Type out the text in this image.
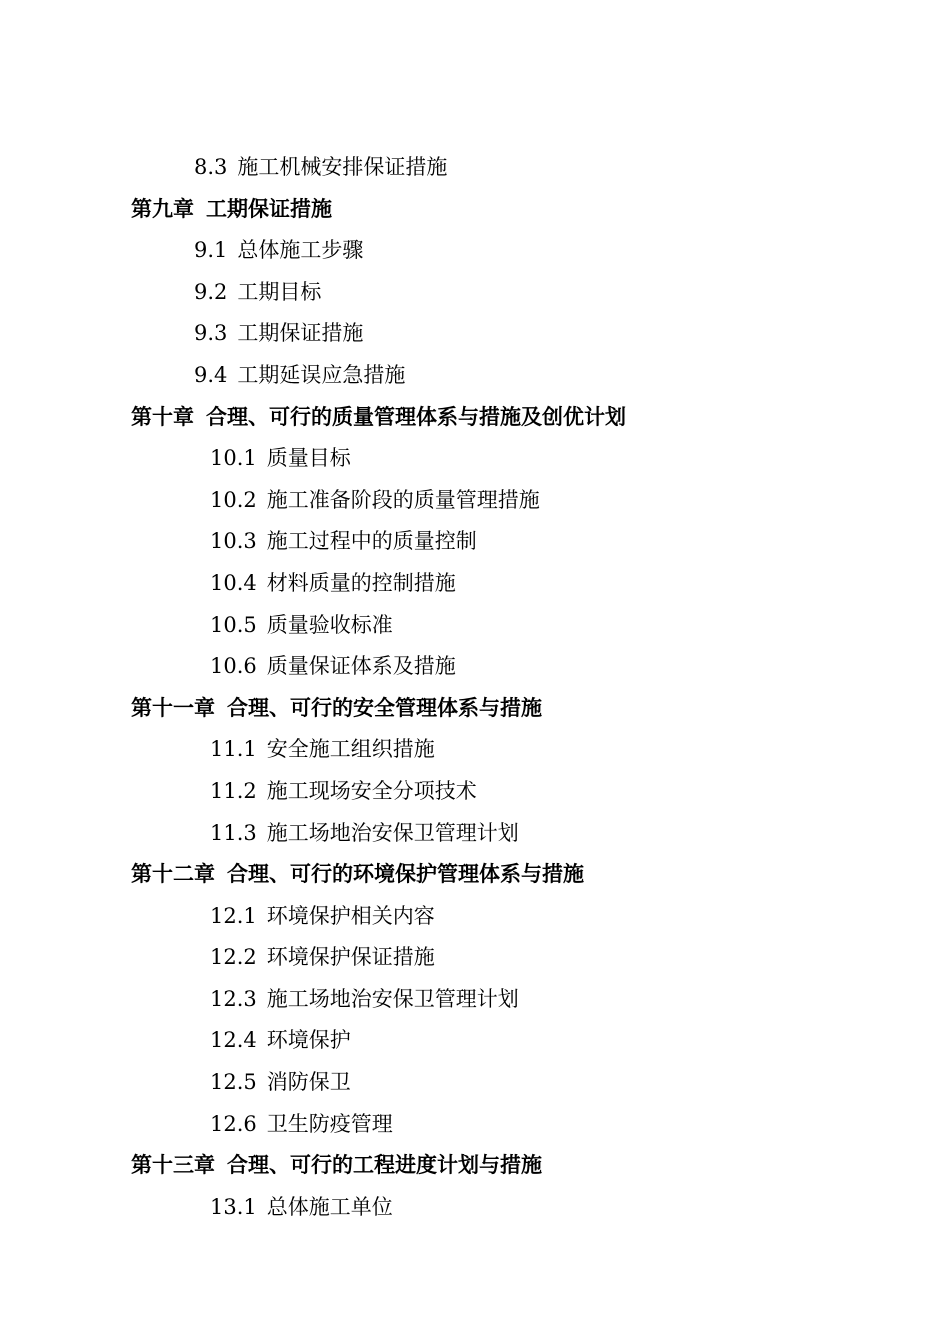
8.3 施工机械安排保证措施
第九章 工期保证措施
9.1 总体施工步骤
9.2 工期目标
9.3 工期保证措施
9.4 工期延误应急措施
第十章 合理、可行的质量管理体系与措施及创优计划
10.1 质量目标
10.2 施工准备阶段的质量管理措施
10.3 施工过程中的质量控制
10.4 材料质量的控制措施
10.5 质量验收标准
10.6 质量保证体系及措施
第十一章 合理、可行的安全管理体系与措施
11.1 安全施工组织措施
11.2 施工现场安全分项技术
11.3 施工场地治安保卫管理计划
第十二章 合理、可行的环境保护管理体系与措施
12.1 环境保护相关内容
12.2 环境保护保证措施
12.3 施工场地治安保卫管理计划
12.4 环境保护
12.5 消防保卫
12.6 卫生防疫管理
第十三章 合理、可行的工程进度计划与措施
13.1 总体施工单位
